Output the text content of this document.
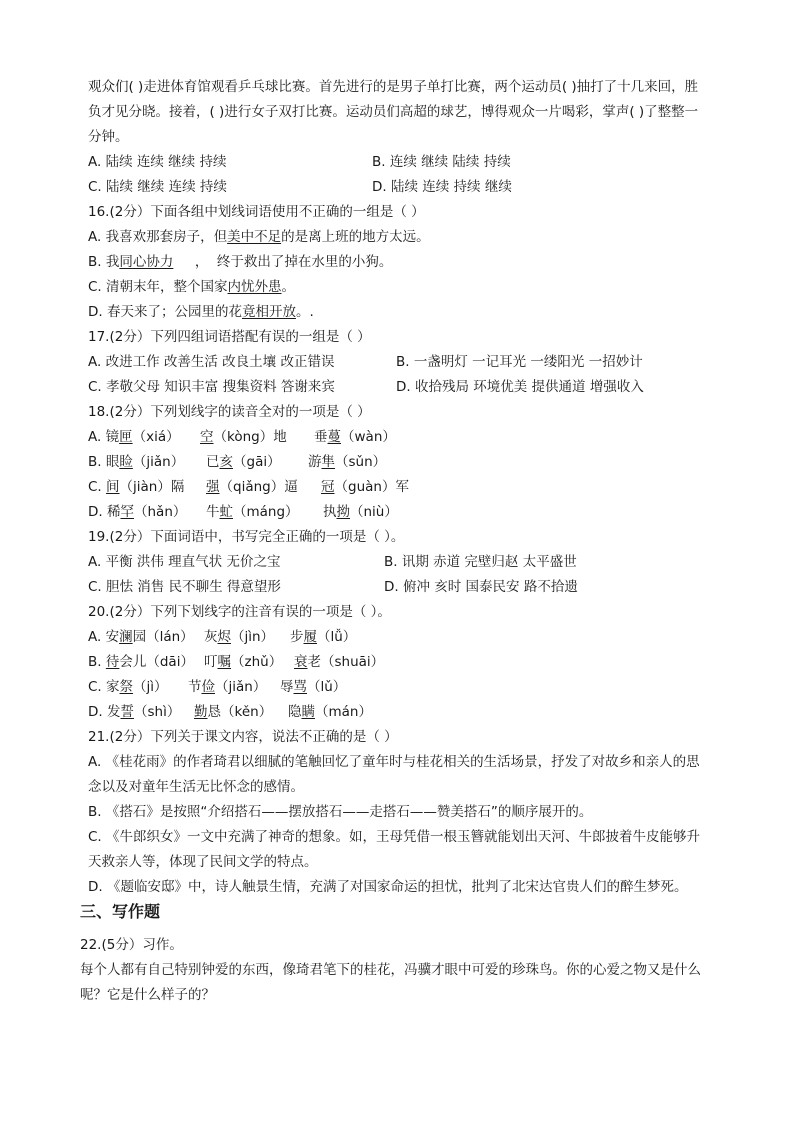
观众们( )走进体育馆观看乒乓球比赛。首先进行的是男子单打比赛，两个运动员( )抽打了十几来回，胜
负才见分晓。接着，( )进行女子双打比赛。运动员们高超的球艺，博得观众一片喝彩，掌声( )了整整一
分钟。
A. 陆续 连续 继续 持续	B. 连续 继续 陆续 持续
C. 陆续 继续 连续 持续	D. 陆续 连续 持续 继续
16.(2分）下面各组中划线词语使用不正确的一组是（ ）
A. 我喜欢那套房子，但美中不足的是离上班的地方太远。
B. 我同心协力     ，  终于救出了掉在水里的小狗。
C. 清朝末年，整个国家内忧外患。
D. 春天来了；公园里的花竟相开放。.
17.(2分）下列四组词语搭配有误的一组是（ ）
A. 改进工作 改善生活 改良土壤 改正错误	B. 一盏明灯 一记耳光 一缕阳光 一招妙计
C. 孝敬父母 知识丰富 搜集资料 答谢来宾	D. 收拾残局 环境优美 提供通道 增强收入
18.(2分）下列划线字的读音全对的一项是（ ）
A. 镜匣（xiá） 空（kòng）地 垂蔓（wàn）
B. 眼睑（jiǎn） 已亥（gāi） 游隼（sǔn）
C. 间（jiàn）隔 强（qiǎng）逼 冠（guàn）军
D. 稀罕（hǎn） 牛虻（máng） 执拗（niù）
19.(2分）下面词语中，书写完全正确的一项是（ ）。
A. 平衡 洪伟 理直气状 无价之宝	B. 讯期 赤道 完壁归赵 太平盛世
C. 胆怯 消售 民不聊生 得意望形	D. 俯冲 亥时 国泰民安 路不拾遗
20.(2分）下列下划线字的注音有误的一项是（ ）。
A. 安澜园（lán） 灰烬（jìn） 步履（lǚ）
B. 待会儿（dāi） 叮嘱（zhǔ） 衰老（shuāi）
C. 家祭（jì） 节俭（jiǎn） 辱骂（lǔ）
D. 发誓（shì） 勤恳（kěn） 隐瞒（mán）
21.(2分）下列关于课文内容，说法不正确的是（ ）
A. 《桂花雨》的作者琦君以细腻的笔触回忆了童年时与桂花相关的生活场景，抒发了对故乡和亲人的思
念以及对童年生活无比怀念的感情。
B. 《搭石》是按照“介绍搭石——摆放搭石——走搭石——赞美搭石”的顺序展开的。
C. 《牛郎织女》一文中充满了神奇的想象。如，王母凭借一根玉簪就能划出天河、牛郎披着牛皮能够升
天救亲人等，体现了民间文学的特点。
D. 《题临安邸》中，诗人触景生情，充满了对国家命运的担忧，批判了北宋达官贵人们的醉生梦死。
三、写作题
22.(5分）习作。
每个人都有自己特别钟爱的东西，像琦君笔下的桂花，冯骥才眼中可爱的珍珠鸟。你的心爱之物又是什么
呢？它是什么样子的？
